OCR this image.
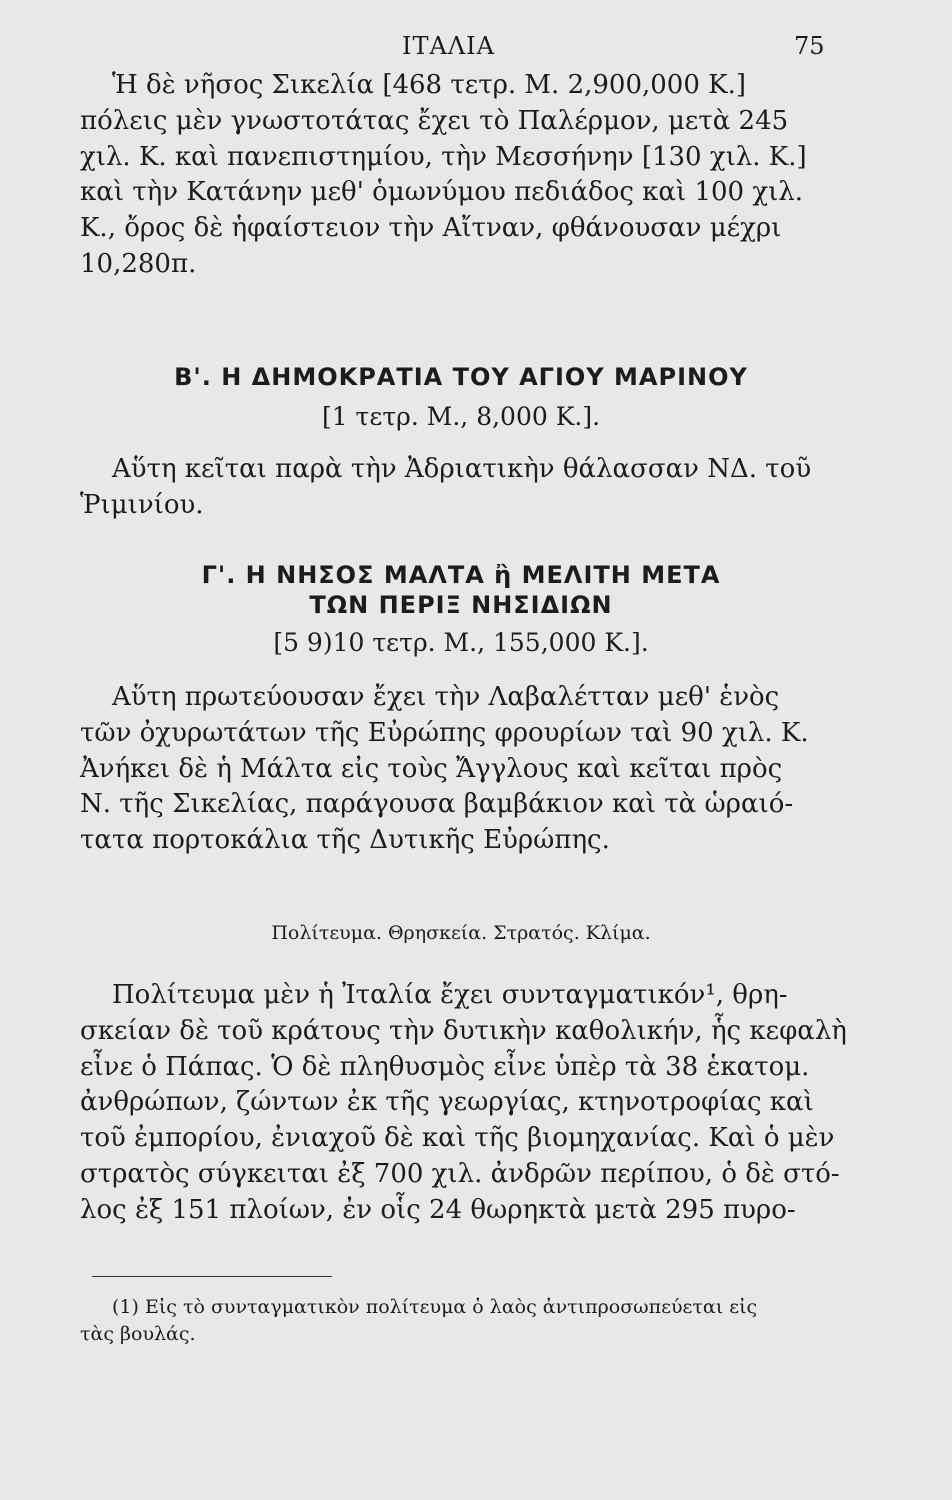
ΙΤΑΛΙΑ	75
Ἡ δὲ νῆσος Σικελία [468 τετρ. Μ. 2,900,000 Κ.]
πόλεις μὲν γνωστοτάτας ἔχει τὸ Παλέρμον, μετὰ 245
χιλ. Κ. καὶ πανεπιστημίου, τὴν Μεσσήνην [130 χιλ. Κ.]
καὶ τὴν Κατάνην μεθ' ὁμωνύμου πεδιάδος καὶ 100 χιλ.
Κ., ὄρος δὲ ἡφαίστειον τὴν Αἴτναν, φθάνουσαν μέχρι
10,280π.
Β'. Η ΔΗΜΟΚΡΑΤΙΑ ΤΟΥ ΑΓΙΟΥ ΜΑΡΙΝΟΥ
[1 τετρ. Μ., 8,000 Κ.].
Αὕτη κεῖται παρὰ τὴν Ἀδριατικὴν θάλασσαν ΝΔ. τοῦ
Ῥιμινίου.
Γ'. Η ΝΗΣΟΣ ΜΑΛΤΑ ἢ ΜΕΛΙΤΗ ΜΕΤΑ
ΤΩΝ ΠΕΡΙΞ ΝΗΣΙΔΙΩΝ
[5 9)10 τετρ. Μ., 155,000 Κ.].
Αὕτη πρωτεύουσαν ἔχει τὴν Λαβαλέτταν μεθ' ἑνὸς
τῶν ὀχυρωτάτων τῆς Εὐρώπης φρουρίων ταὶ 90 χιλ. Κ.
Ἀνήκει δὲ ἡ Μάλτα εἰς τοὺς Ἄγγλους καὶ κεῖται πρὸς
Ν. τῆς Σικελίας, παράγουσα βαμβάκιον καὶ τὰ ὡραιό-
τατα πορτοκάλια τῆς Δυτικῆς Εὐρώπης.
Πολίτευμα. Θρησκεία. Στρατός. Κλίμα.
Πολίτευμα μὲν ἡ Ἰταλία ἔχει συνταγματικόν¹, θρη-
σκείαν δὲ τοῦ κράτους τὴν δυτικὴν καθολικήν, ἧς κεφαλὴ
εἶνε ὁ Πάπας. Ὁ δὲ πληθυσμὸς εἶνε ὑπὲρ τὰ 38 ἑκατομ.
ἀνθρώπων, ζώντων ἐκ τῆς γεωργίας, κτηνοτροφίας καὶ
τοῦ ἐμπορίου, ἐνιαχοῦ δὲ καὶ τῆς βιομηχανίας. Καὶ ὁ μὲν
στρατὸς σύγκειται ἐξ 700 χιλ. ἀνδρῶν περίπου, ὁ δὲ στό-
λος ἐξ 151 πλοίων, ἐν οἷς 24 θωρηκτὰ μετὰ 295 πυρο-
(1) Εἰς τὸ συνταγματικὸν πολίτευμα ὁ λαὸς ἀντιπροσωπεύεται εἰς
τὰς βουλάς.
